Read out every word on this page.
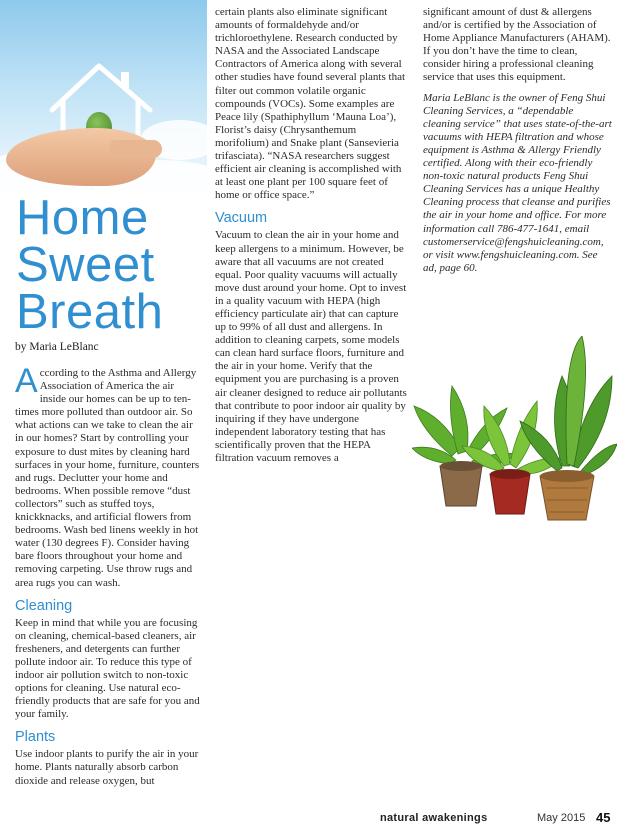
Home
Sweet
Breath
by Maria LeBlanc

According to the Asthma and Allergy Association of America the air inside our homes can be up to ten-times more polluted than outdoor air. So what actions can we take to clean the air in our homes? Start by controlling your exposure to dust mites by cleaning hard surfaces in your home, furniture, counters and rugs. Declutter your home and bedrooms. When possible remove “dust collectors” such as stuffed toys, knickknacks, and artificial flowers from bedrooms. Wash bed linens weekly in hot water (130 degrees F). Consider having bare floors throughout your home and removing carpeting. Use throw rugs and area rugs you can wash.

Cleaning

Keep in mind that while you are focusing on cleaning, chemical-based cleaners, air fresheners, and detergents can further pollute indoor air. To reduce this type of indoor air pollution switch to non-toxic options for cleaning. Use natural eco-friendly products that are safe for you and your family.

Plants

Use indoor plants to purify the air in your home. Plants naturally absorb carbon dioxide and release oxygen, but

certain plants also eliminate significant amounts of formaldehyde and/or trichloroethylene. Research conducted by NASA and the Associated Landscape Contractors of America along with several other studies have found several plants that filter out common volatile organic compounds (VOCs). Some examples are Peace lily (Spathiphyllum ‘Mauna Loa’), Florist’s daisy (Chrysanthemum morifolium) and Snake plant (Sansevieria trifasciata). “NASA researchers suggest efficient air cleaning is accomplished with at least one plant per 100 square feet of home or office space.”

Vacuum

Vacuum to clean the air in your home and keep allergens to a minimum. However, be aware that all vacuums are not created equal. Poor quality vacuums will actually move dust around your home. Opt to invest in a quality vacuum with HEPA (high efficiency particulate air) that can capture up to 99% of all dust and allergens. In addition to cleaning carpets, some models can clean hard surface floors, furniture and the air in your home. Verify that the equipment you are purchasing is a proven air cleaner designed to reduce air pollutants that contribute to poor indoor air quality by inquiring if they have undergone independent laboratory testing that has scientifically proven that the HEPA filtration vacuum removes a

significant amount of dust & allergens and/or is certified by the Association of Home Appliance Manufacturers (AHAM). If you don’t have the time to clean, consider hiring a professional cleaning service that uses this equipment.

Maria LeBlanc is the owner of Feng Shui Cleaning Services, a “dependable cleaning service” that uses state-of-the-art vacuums with HEPA filtration and whose equipment is Asthma & Allergy Friendly certified. Along with their eco-friendly non-toxic natural products Feng Shui Cleaning Services has a unique Healthy Cleaning process that cleanse and purifies the air in your home and office. For more information call 786-477-1641, email customerservice@fengshuicleaning.com, or visit www.fengshuicleaning.com. See ad, page 60.

natural awakenings	May 2015 45
